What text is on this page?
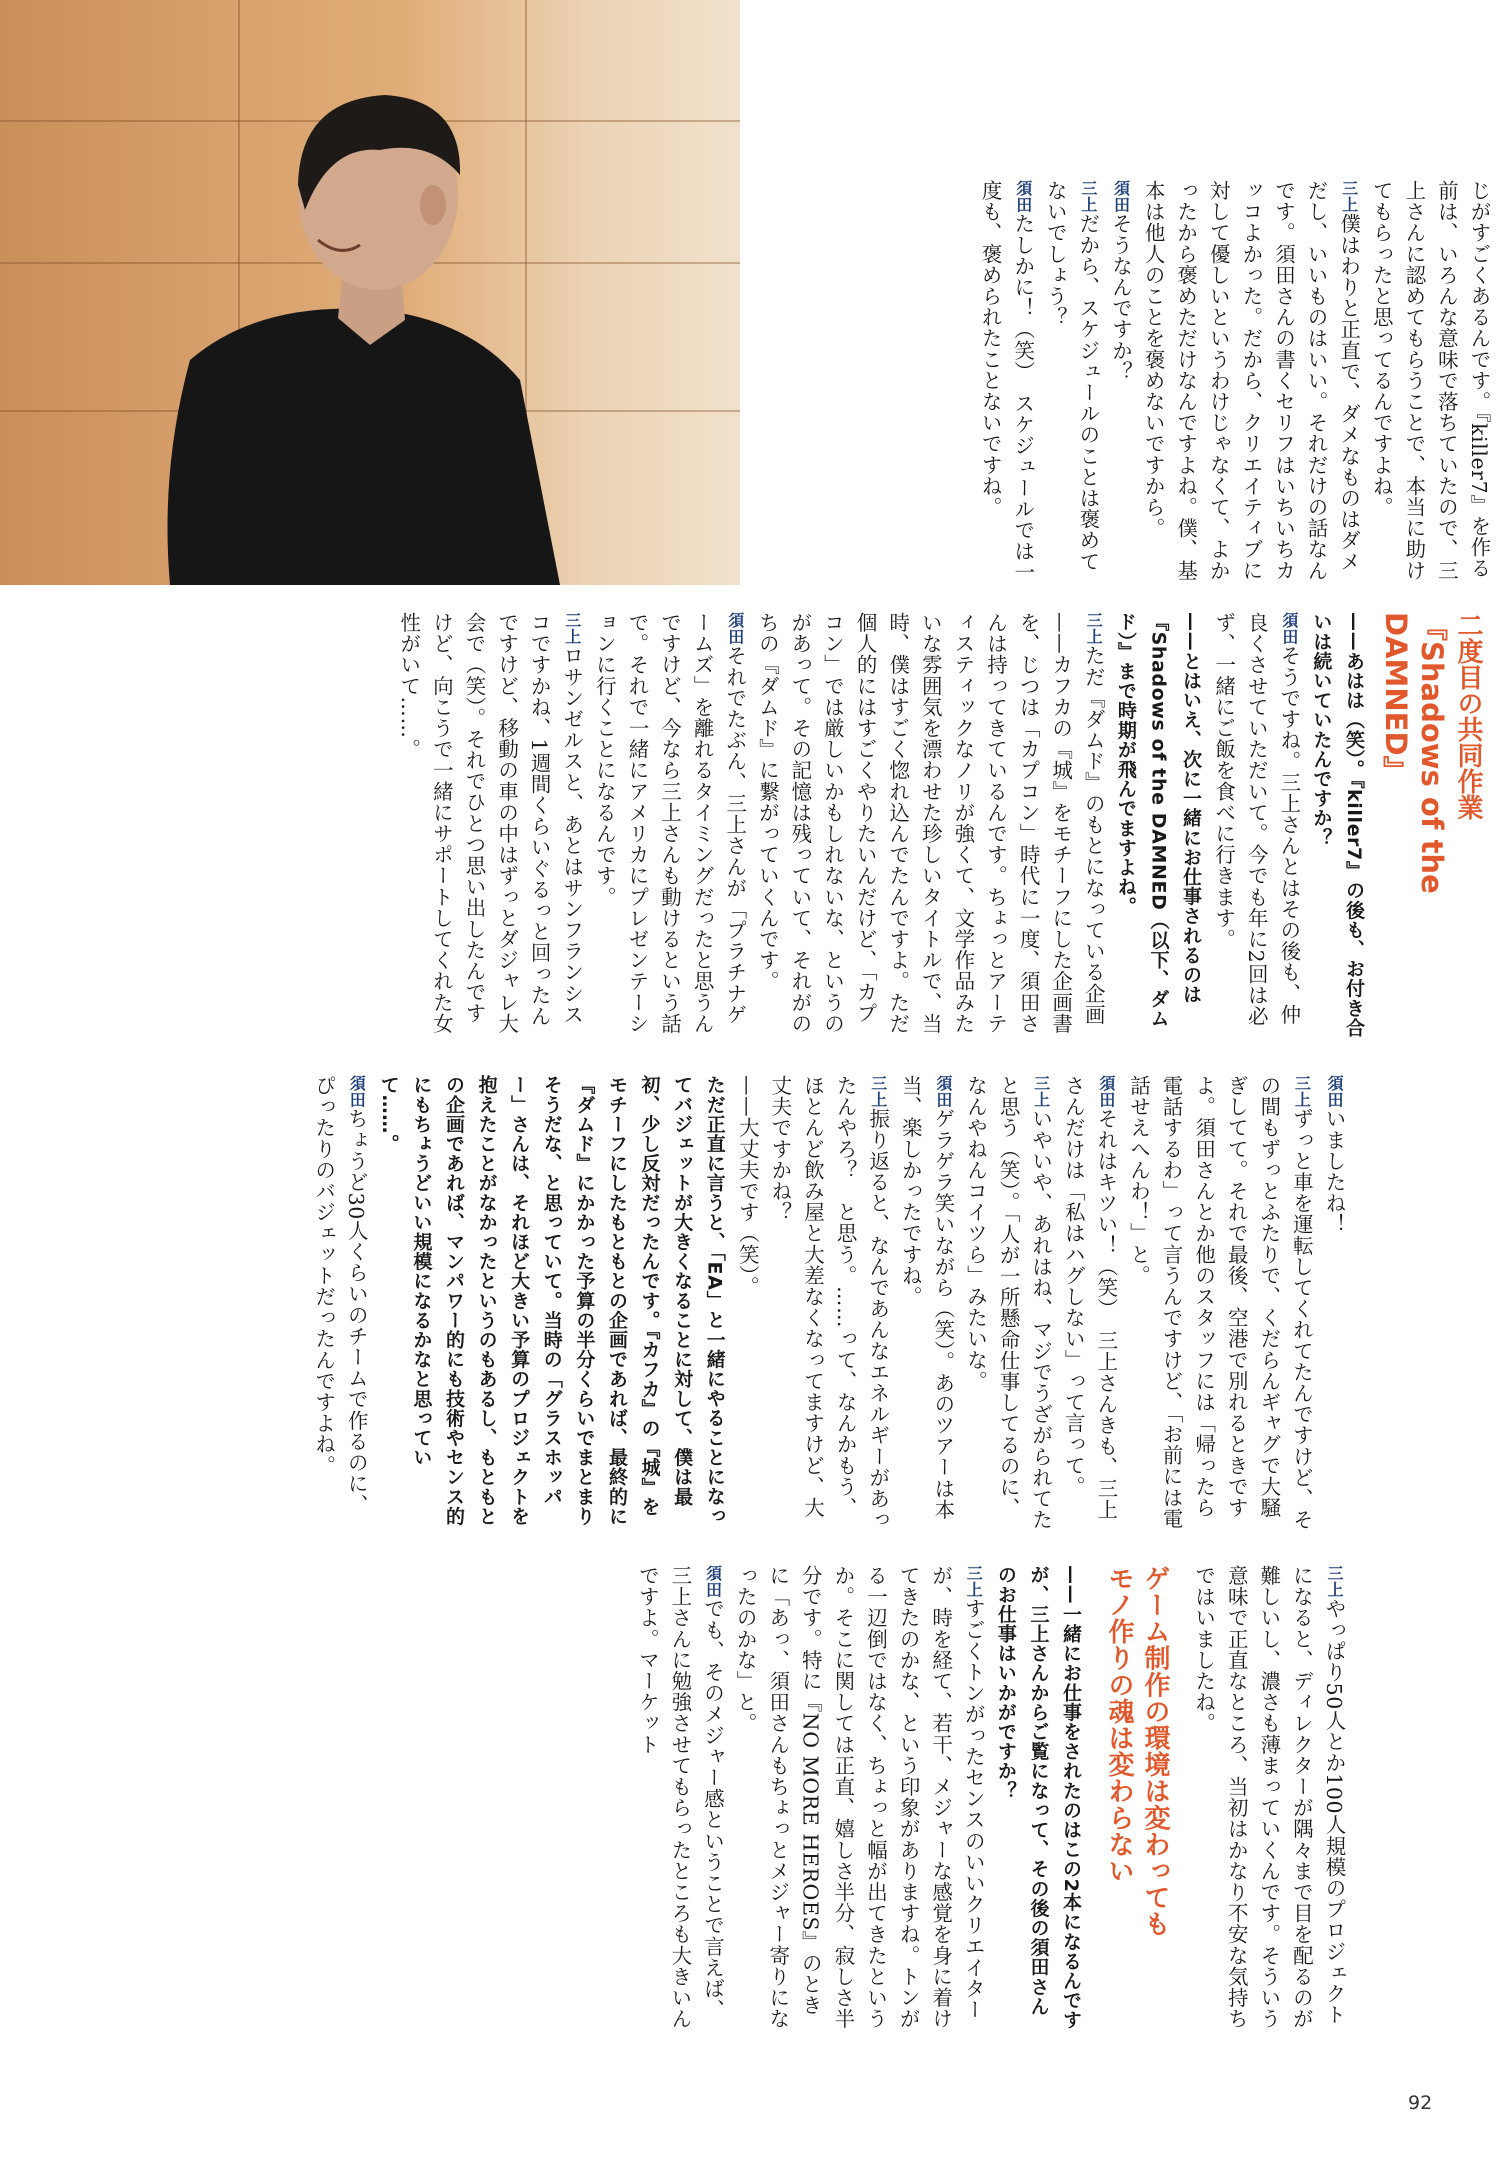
じがすごくあるんです。『killer7』を作る前は、いろんな意味で落ちていたので、三上さんに認めてもらうことで、本当に助けてもらったと思ってるんですよね。

三上僕はわりと正直で、ダメなものはダメだし、いいものはいい。それだけの話なんです。須田さんの書くセリフはいちいちカッコよかった。だから、クリエイティブに対して優しいというわけじゃなくて、よかったから褒めただけなんですよね。僕、基本は他人のことを褒めないですから。

須田そうなんですか？

三上だから、スケジュールのことは褒めてないでしょう？

須田たしかに！（笑）　スケジュールでは一度も、褒められたことないですね。

二度目の共同作業
『Shadows of the DAMNED』

——あはは（笑）。『killer7』の後も、お付き合いは続いていたんですか？

須田そうですね。三上さんとはその後も、仲良くさせていただいて。今でも年に2回は必ず、一緒にご飯を食べに行きます。

——とはいえ、次に一緒にお仕事されるのは『Shadows of the DAMNED（以下、ダムド）』まで時期が飛んでますよね。

三上ただ『ダムド』のもとになっている企画——カフカの『城』をモチーフにした企画書を、じつは「カプコン」時代に一度、須田さんは持ってきているんです。ちょっとアーティスティックなノリが強くて、文学作品みたいな雰囲気を漂わせた珍しいタイトルで、当時、僕はすごく惚れ込んでたんですよ。ただ個人的にはすごくやりたいんだけど、「カプコン」では厳しいかもしれないな、というのがあって。その記憶は残っていて、それがのちの『ダムド』に繋がっていくんです。

須田それでたぶん、三上さんが「プラチナゲームズ」を離れるタイミングだったと思うんですけど、今なら三上さんも動けるという話で。それで一緒にアメリカにプレゼンテーションに行くことになるんです。

三上ロサンゼルスと、あとはサンフランシスコですかね、1週間くらいぐるっと回ったんですけど、移動の車の中はずっとダジャレ大会で（笑）。それでひとつ思い出したんですけど、向こうで一緒にサポートしてくれた女性がいて……。

須田いましたね！

三上ずっと車を運転してくれてたんですけど、その間もずっとふたりで、くだらんギャグで大騒ぎしてて。それで最後、空港で別れるときですよ。須田さんとか他のスタッフには「帰ったら電話するわ」って言うんですけど、「お前には電話せえへんわ！」と。

須田それはキツい！（笑）　三上さんきも、三上さんだけは「私はハグしない」って言って。

三上いやいや、あれはね、マジでうざがられてたと思う（笑）。「人が一所懸命仕事してるのに、なんやねんコイツら」みたいな。

須田ゲラゲラ笑いながら（笑）。あのツアーは本当、楽しかったですね。

三上振り返ると、なんであんなエネルギーがあったんやろ？　と思う。……って、なんかもう、ほとんど飲み屋と大差なくなってますけど、大丈夫ですかね？

——大丈夫です（笑）。

ただ正直に言うと、「EA」と一緒にやることになってバジェットが大きくなることに対して、僕は最初、少し反対だったんです。『カフカ』の『城』をモチーフにしたもともとの企画であれば、最終的に『ダムド』にかかった予算の半分くらいでまとまりそうだな、と思っていて。当時の「グラスホッパー」さんは、それほど大きい予算のプロジェクトを抱えたことがなかったというのもあるし、もともとの企画であれば、マンパワー的にも技術やセンス的にもちょうどいい規模になるかなと思っていて……。

須田ちょうど30人くらいのチームで作るのに、ぴったりのバジェットだったんですよね。

三上やっぱり50人とか100人規模のプロジェクトになると、ディレクターが隅々まで目を配るのが難しいし、濃さも薄まっていくんです。そういう意味で正直なところ、当初はかなり不安な気持ちではいましたね。

ゲーム制作の環境は変わっても
モノ作りの魂は変わらない

——一緒にお仕事をされたのはこの2本になるんですが、三上さんからご覧になって、その後の須田さんのお仕事はいかがですか？

三上すごくトンがったセンスのいいクリエイターが、時を経て、若干、メジャーな感覚を身に着けてきたのかな、という印象がありますね。トンがる一辺倒ではなく、ちょっと幅が出てきたというか。そこに関しては正直、嬉しさ半分、寂しさ半分です。特に『NO MORE HEROES』のときに「あっ、須田さんもちょっとメジャー寄りになったのかな」と。

須田でも、そのメジャー感ということで言えば、三上さんに勉強させてもらったところも大きいんですよ。マーケット

92
